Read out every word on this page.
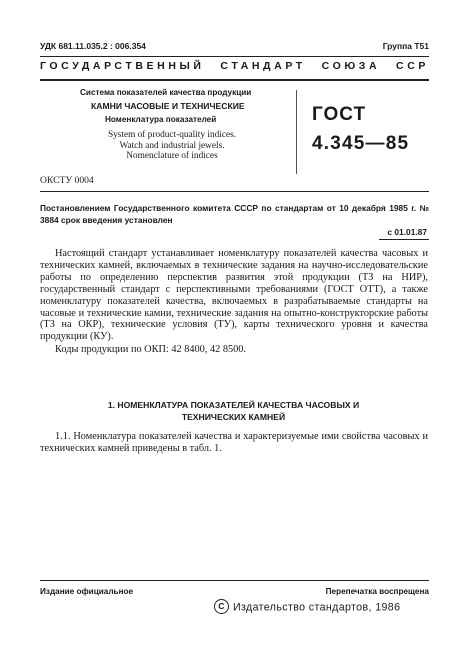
УДК 681.11.035.2 : 006.354	Группа Т51
ГОСУДАРСТВЕННЫЙ СТАНДАРТ СОЮЗА ССР
Система показателей качества продукции
КАМНИ ЧАСОВЫЕ И ТЕХНИЧЕСКИЕ
Номенклатура показателей
System of product-quality indices.
Watch and industrial jewels.
Nomenclature of indices
ГОСТ
4.345—85
ОКСТУ 0004
Постановлением Государственного комитета СССР по стандартам от 10 декабря 1985 г. № 3884 срок введения установлен
с 01.01.87

Настоящий стандарт устанавливает номенклатуру показателей качества часовых и технических камней, включаемых в технические задания на научно-исследовательские работы по определению перспектив развития этой продукции (ТЗ на НИР), государственный стандарт с перспективными требованиями (ГОСТ ОТТ), а также номенклатуру показателей качества, включаемых в разрабатываемые стандарты на часовые и технические камни, технические задания на опытно-конструкторские работы (ТЗ на ОКР), технические условия (ТУ), карты технического уровня и качества продукции (КУ).

Коды продукции по ОКП: 42 8400, 42 8500.

1. НОМЕНКЛАТУРА ПОКАЗАТЕЛЕЙ КАЧЕСТВА ЧАСОВЫХ И
ТЕХНИЧЕСКИХ КАМНЕЙ
1.1. Номенклатура показателей качества и характеризуемые ими свойства часовых и технических камней приведены в табл. 1.
Издание официальное	Перепечатка воспрещена
C Издательство стандартов, 1986
